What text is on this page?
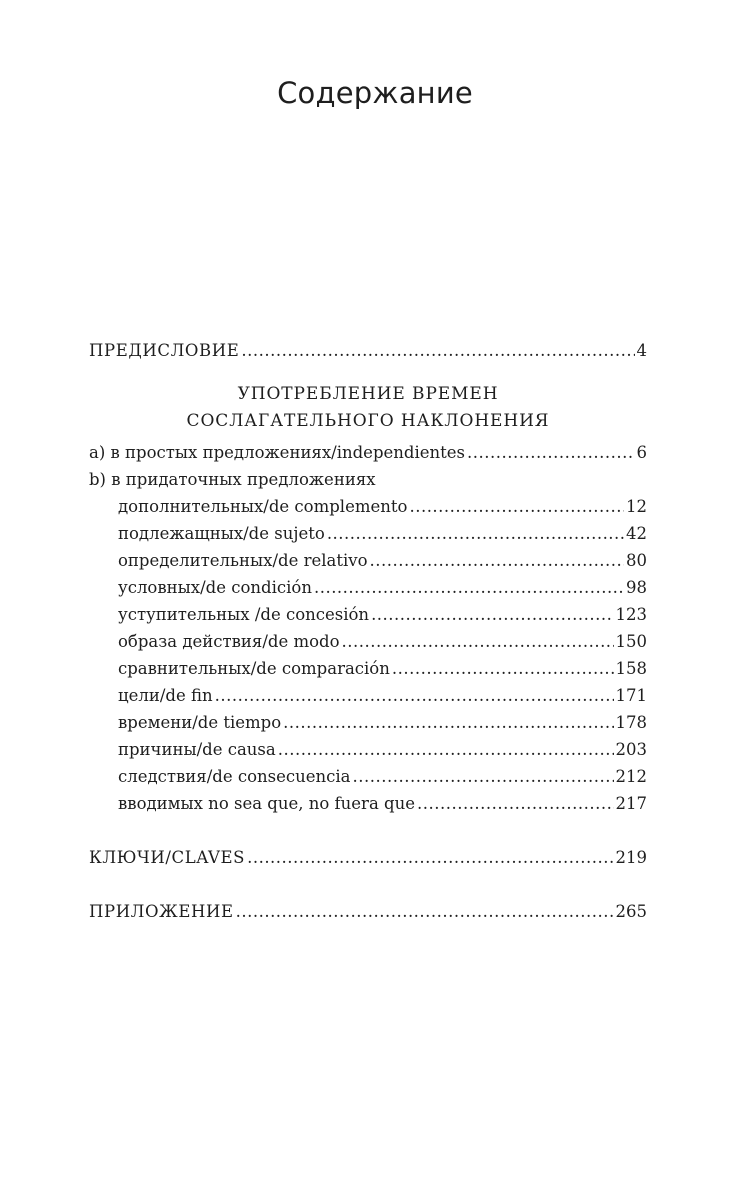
Содержание
ПРЕДИСЛОВИЕ .....	4
УПОТРЕБЛЕНИЕ ВРЕМЕН
СОСЛАГАТЕЛЬНОГО НАКЛОНЕНИЯ
a) в простых предложениях/independientes .....	6
b) в придаточных предложениях
дополнительных/de complemento .....	12
подлежащных/de sujeto .....	42
определительных/de relativo .....	80
условных/de condición .....	98
уступительных /de concesión .....	123
образа действия/de modo .....	150
сравнительных/de comparación .....	158
цели/de fin .....	171
времени/de tiempo .....	178
причины/de causa .....	203
следствия/de consecuencia .....	212
вводимых no sea que, no fuera que .....	217
КЛЮЧИ/CLAVES .....	219
ПРИЛОЖЕНИЕ .....	265
